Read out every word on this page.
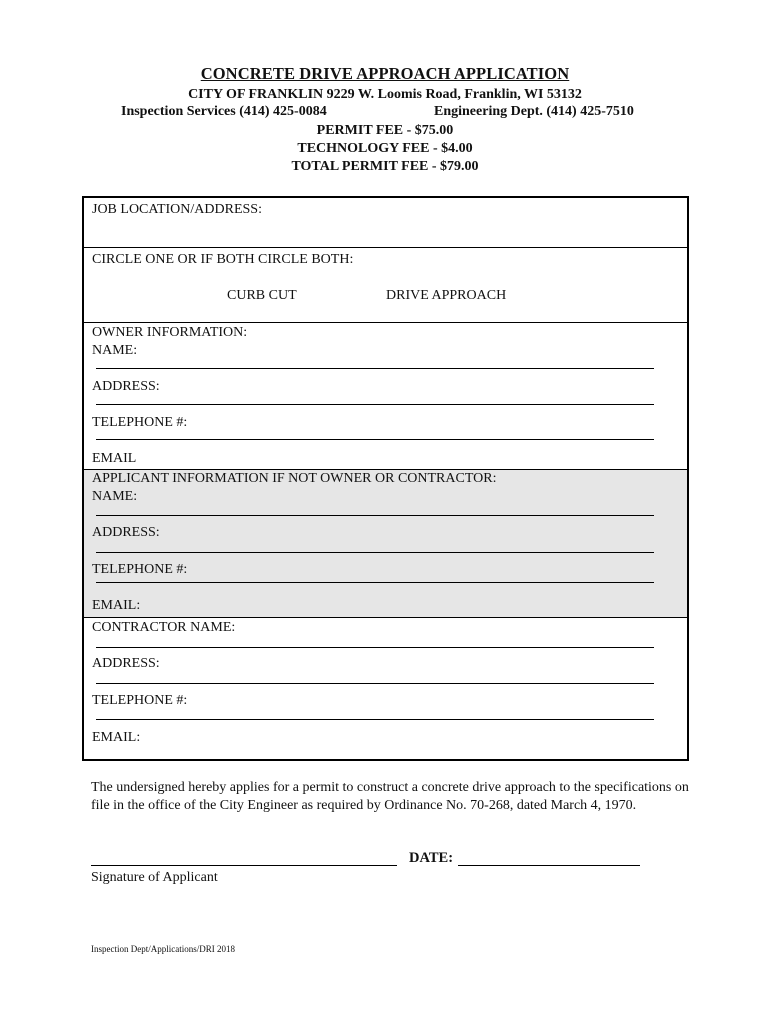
CONCRETE DRIVE APPROACH APPLICATION
CITY OF FRANKLIN 9229 W. Loomis Road, Franklin, WI 53132
Inspection Services (414) 425-0084	Engineering Dept. (414) 425-7510
PERMIT FEE - $75.00
TECHNOLOGY FEE - $4.00
TOTAL PERMIT FEE - $79.00
JOB LOCATION/ADDRESS:
CIRCLE ONE OR IF BOTH CIRCLE BOTH:
CURB CUT	DRIVE APPROACH
OWNER INFORMATION:
NAME:
ADDRESS:
TELEPHONE #:
EMAIL
APPLICANT INFORMATION IF NOT OWNER OR CONTRACTOR:
NAME:
ADDRESS:
TELEPHONE #:
EMAIL:
CONTRACTOR NAME:
ADDRESS:
TELEPHONE #:
EMAIL:
The undersigned hereby applies for a permit to construct a concrete drive approach to the specifications on file in the office of the City Engineer as required by Ordinance No. 70-268, dated March 4, 1970.
DATE:
Signature of Applicant
Inspection Dept/Applications/DRI 2018
